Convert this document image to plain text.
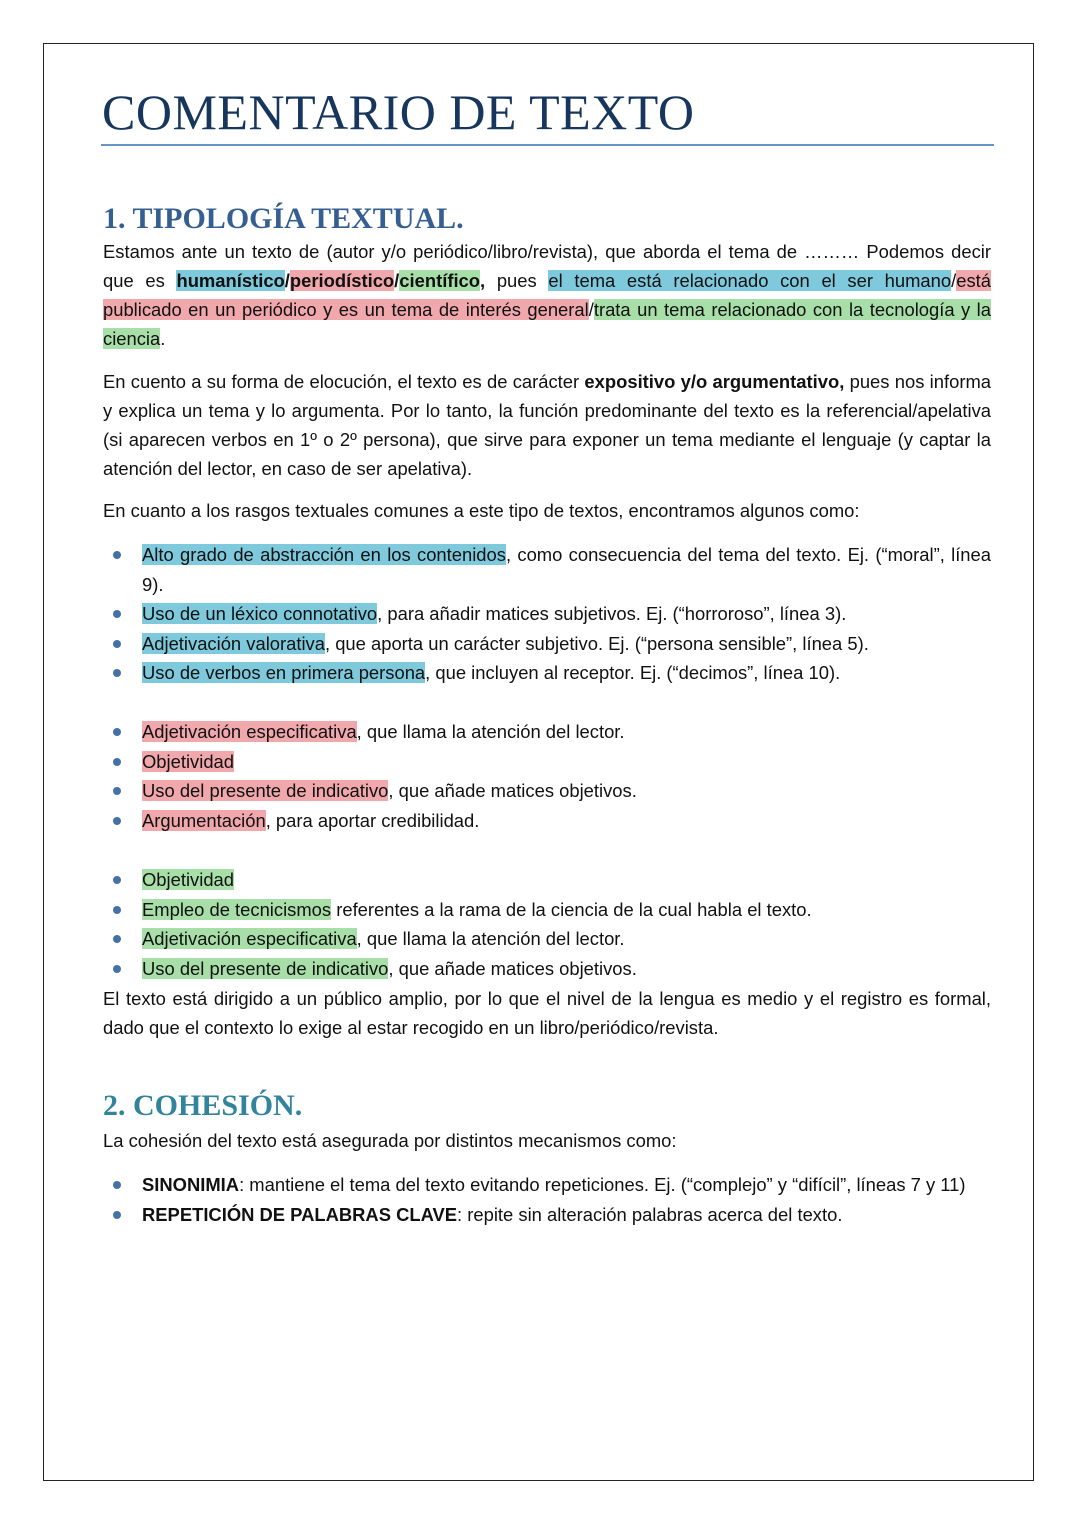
COMENTARIO DE TEXTO
1. TIPOLOGÍA TEXTUAL.
Estamos ante un texto de (autor y/o periódico/libro/revista), que aborda el tema de ……… Podemos decir que es humanístico/periodístico/científico, pues el tema está relacionado con el ser humano/está publicado en un periódico y es un tema de interés general/trata un tema relacionado con la tecnología y la ciencia.
En cuento a su forma de elocución, el texto es de carácter expositivo y/o argumentativo, pues nos informa y explica un tema y lo argumenta. Por lo tanto, la función predominante del texto es la referencial/apelativa (si aparecen verbos en 1º o 2º persona), que sirve para exponer un tema mediante el lenguaje (y captar la atención del lector, en caso de ser apelativa).
En cuanto a los rasgos textuales comunes a este tipo de textos, encontramos algunos como:
Alto grado de abstracción en los contenidos, como consecuencia del tema del texto. Ej. (“moral”, línea 9).
Uso de un léxico connotativo, para añadir matices subjetivos. Ej. (“horroroso”, línea 3).
Adjetivación valorativa, que aporta un carácter subjetivo. Ej. (“persona sensible”, línea 5).
Uso de verbos en primera persona, que incluyen al receptor. Ej. (“decimos”, línea 10).
Adjetivación especificativa, que llama la atención del lector.
Objetividad
Uso del presente de indicativo, que añade matices objetivos.
Argumentación, para aportar credibilidad.
Objetividad
Empleo de tecnicismos referentes a la rama de la ciencia de la cual habla el texto.
Adjetivación especificativa, que llama la atención del lector.
Uso del presente de indicativo, que añade matices objetivos.
El texto está dirigido a un público amplio, por lo que el nivel de la lengua es medio y el registro es formal, dado que el contexto lo exige al estar recogido en un libro/periódico/revista.
2. COHESIÓN.
La cohesión del texto está asegurada por distintos mecanismos como:
SINONIMIA: mantiene el tema del texto evitando repeticiones. Ej. (“complejo” y “difícil”, líneas 7 y 11)
REPETICIÓN DE PALABRAS CLAVE: repite sin alteración palabras acerca del texto.
